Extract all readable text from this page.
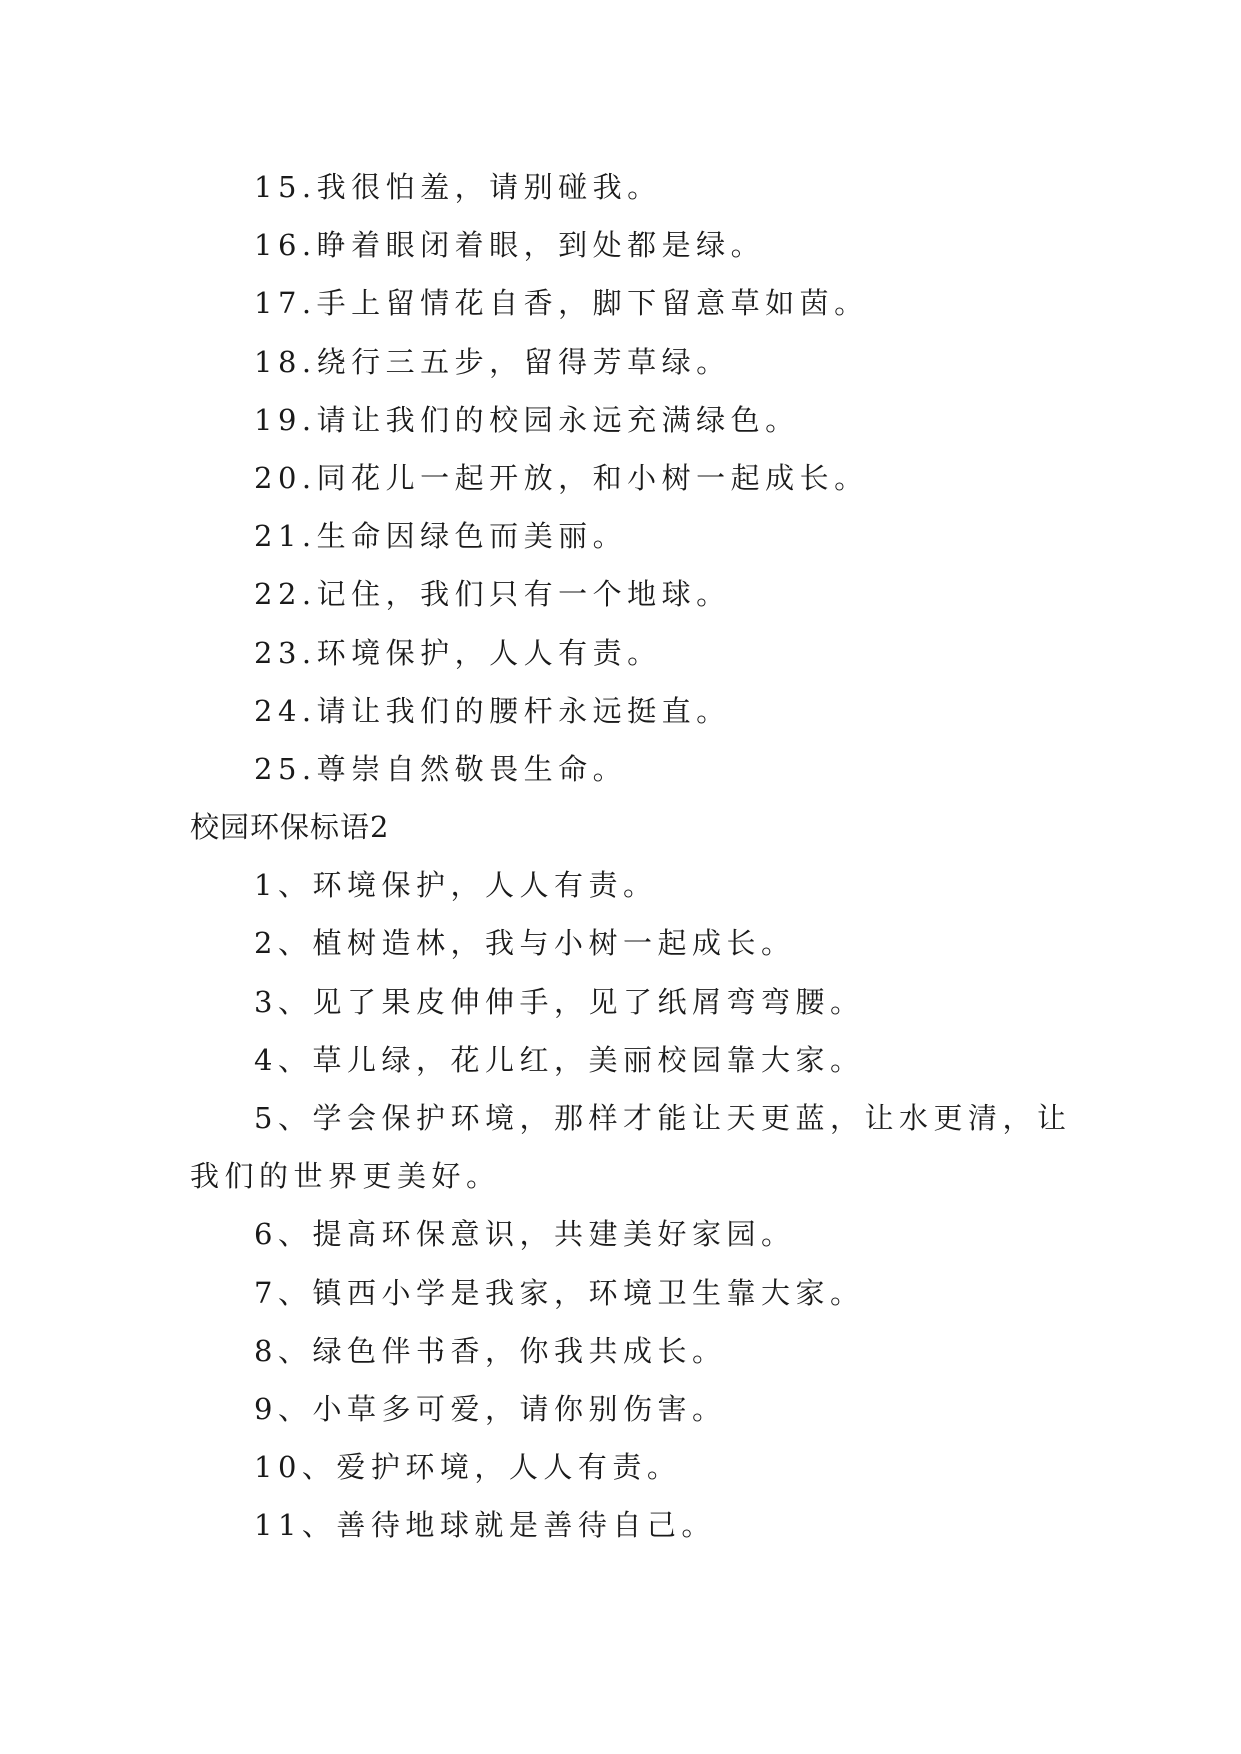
15.我很怕羞，请别碰我。

16.睁着眼闭着眼，到处都是绿。

17.手上留情花自香，脚下留意草如茵。

18.绕行三五步，留得芳草绿。

19.请让我们的校园永远充满绿色。

20.同花儿一起开放，和小树一起成长。

21.生命因绿色而美丽。

22.记住，我们只有一个地球。

23.环境保护，人人有责。

24.请让我们的腰杆永远挺直。

25.尊崇自然敬畏生命。

校园环保标语2

1、环境保护，人人有责。

2、植树造林，我与小树一起成长。

3、见了果皮伸伸手，见了纸屑弯弯腰。

4、草儿绿，花儿红，美丽校园靠大家。

5、学会保护环境，那样才能让天更蓝，让水更清，让

我们的世界更美好。

6、提高环保意识，共建美好家园。

7、镇西小学是我家，环境卫生靠大家。

8、绿色伴书香，你我共成长。

9、小草多可爱，请你别伤害。

10、爱护环境，人人有责。

11、善待地球就是善待自己。
